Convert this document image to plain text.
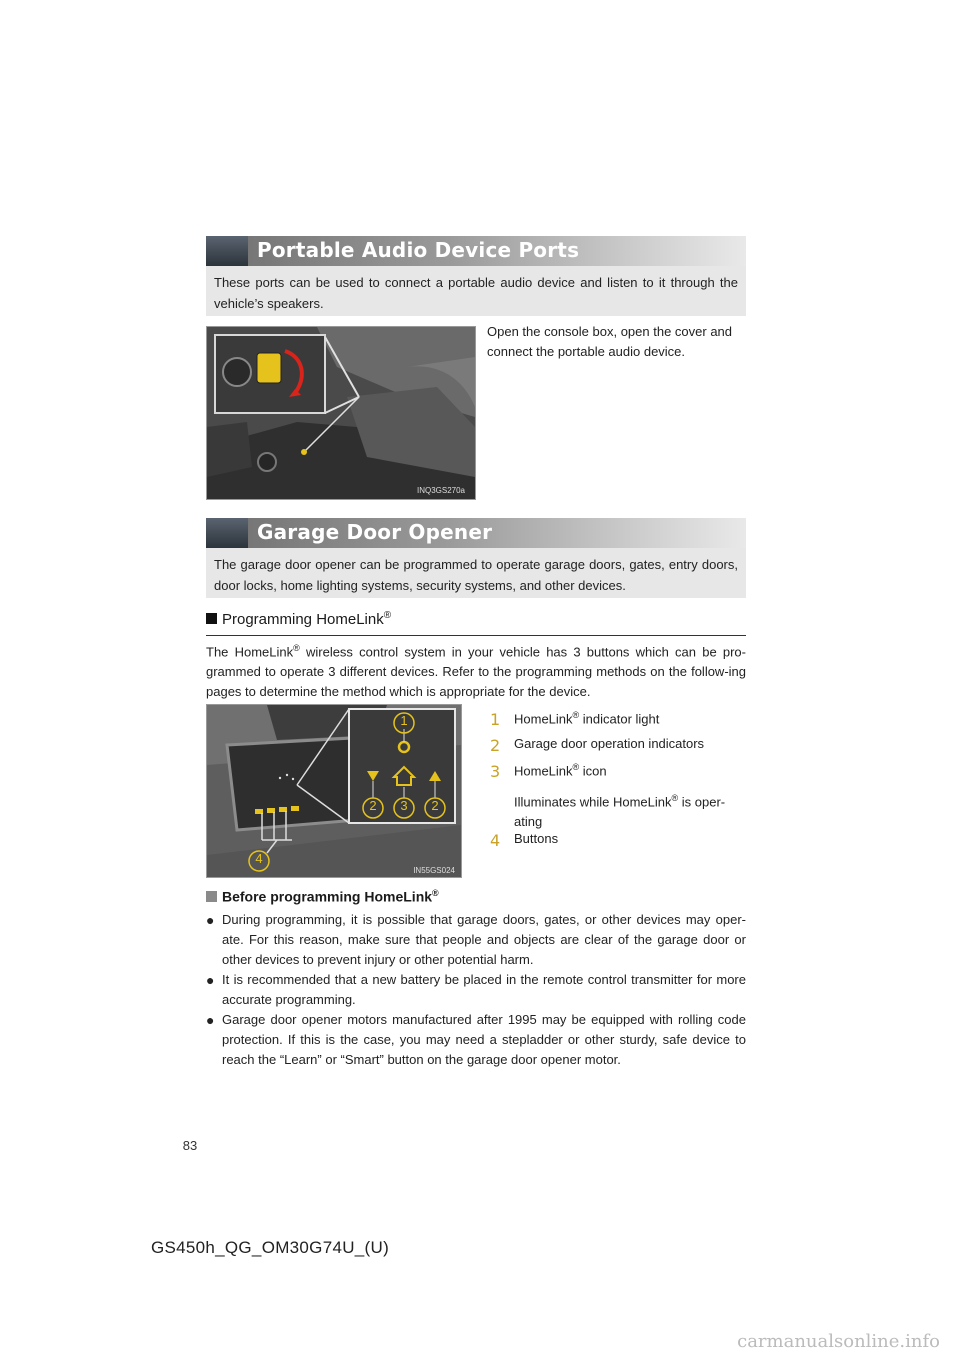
Portable Audio Device Ports
These ports can be used to connect a portable audio device and listen to it through the vehicle’s speakers.
INQ3GS270a
Open the console box, open the cover and connect the portable audio device.
Garage Door Opener
The garage door opener can be programmed to operate garage doors, gates, entry doors, door locks, home lighting systems, security systems, and other devices.
Programming HomeLink®
The HomeLink® wireless control system in your vehicle has 3 buttons which can be pro-grammed to operate 3 different devices. Refer to the programming methods on the follow-ing pages to determine the method which is appropriate for the device.
1
2	3	2
4
IN55GS024
1	HomeLink® indicator light
2	Garage door operation indicators
3	HomeLink® icon
Illuminates while HomeLink® is oper-
ating
4	Buttons
Before programming HomeLink®
● During programming, it is possible that garage doors, gates, or other devices may oper-ate. For this reason, make sure that people and objects are clear of the garage door or other devices to prevent injury or other potential harm.
● It is recommended that a new battery be placed in the remote control transmitter for more accurate programming.
● Garage door opener motors manufactured after 1995 may be equipped with rolling code protection. If this is the case, you may need a stepladder or other sturdy, safe device to reach the “Learn” or “Smart” button on the garage door opener motor.
83
GS450h_QG_OM30G74U_(U)
carmanualsonline.info
